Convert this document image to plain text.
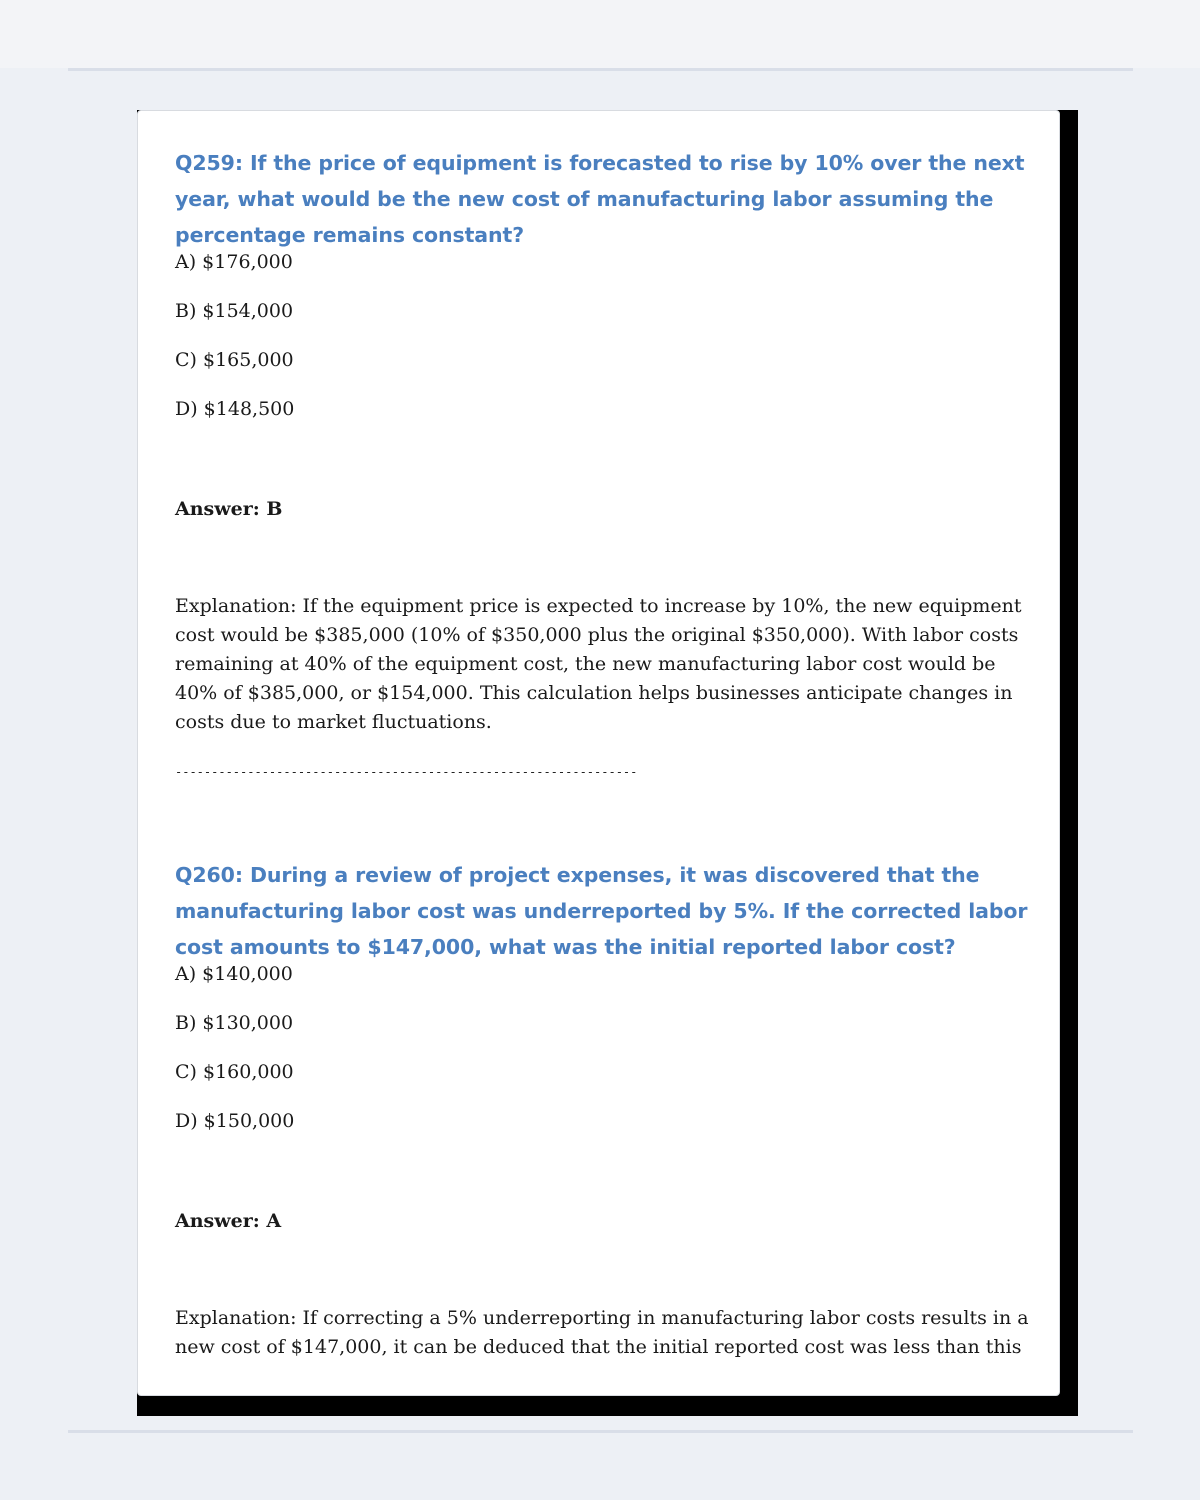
Q259: If the price of equipment is forecasted to rise by 10% over the next year, what would be the new cost of manufacturing labor assuming the percentage remains constant?

A) $176,000

B) $154,000

C) $165,000

D) $148,500

Answer: B

Explanation: If the equipment price is expected to increase by 10%, the new equipment cost would be $385,000 (10% of $350,000 plus the original $350,000). With labor costs remaining at 40% of the equipment cost, the new manufacturing labor cost would be 40% of $385,000, or $154,000. This calculation helps businesses anticipate changes in costs due to market fluctuations.

----------------------------------------------------------------

Q260: During a review of project expenses, it was discovered that the manufacturing labor cost was underreported by 5%. If the corrected labor cost amounts to $147,000, what was the initial reported labor cost?

A) $140,000

B) $130,000

C) $160,000

D) $150,000

Answer: A

Explanation: If correcting a 5% underreporting in manufacturing labor costs results in a new cost of $147,000, it can be deduced that the initial reported cost was less than this
